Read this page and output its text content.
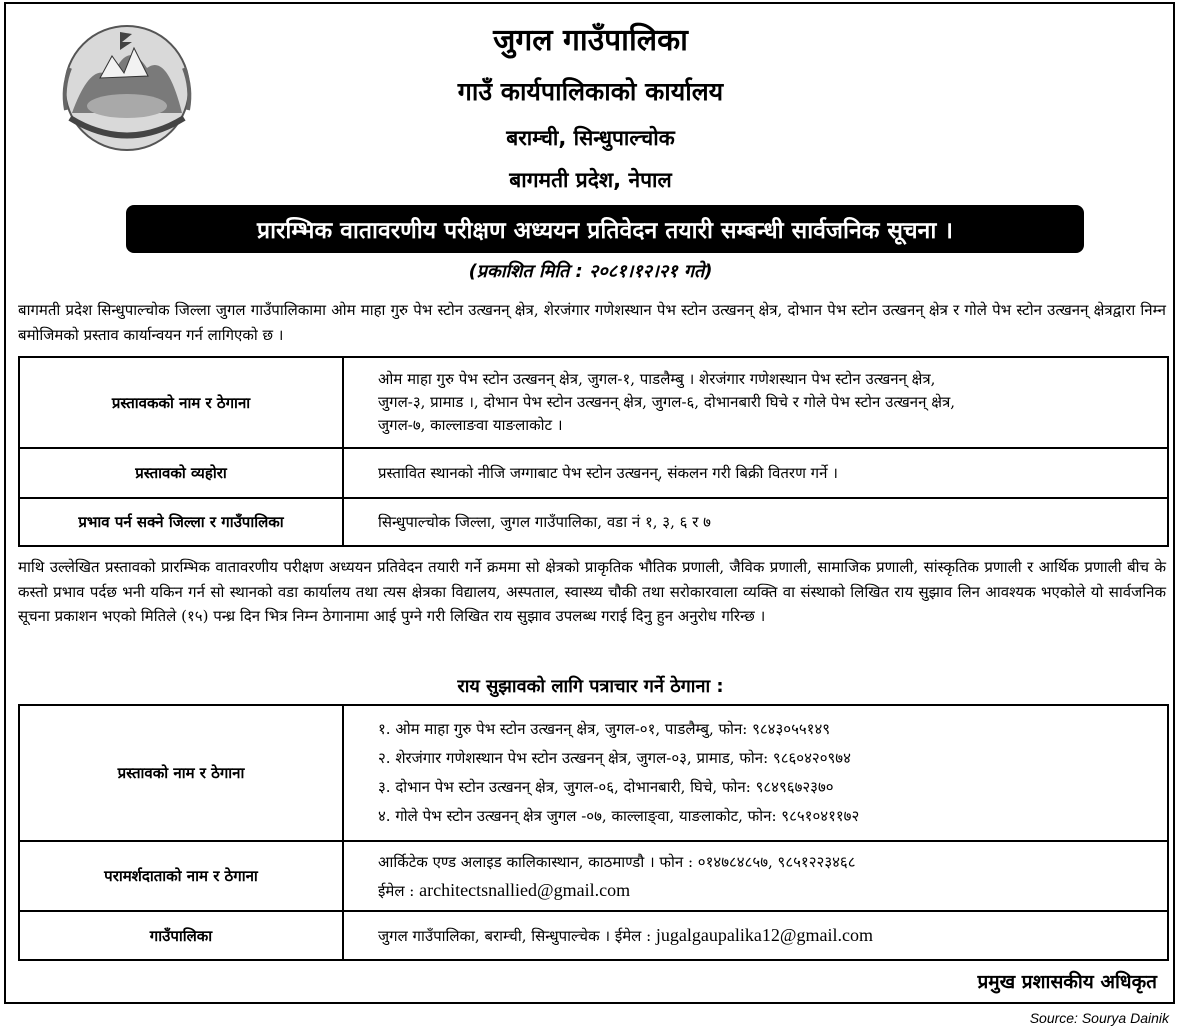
जुगल गाउँपालिका
गाउँ कार्यपालिकाको कार्यालय
बराम्ची, सिन्धुपाल्चोक
बागमती प्रदेश, नेपाल
प्रारम्भिक वातावरणीय परीक्षण अध्ययन प्रतिवेदन तयारी सम्बन्धी सार्वजनिक सूचना ।
(प्रकाशित मिति : २०८१।१२।२१ गते)
बागमती प्रदेश सिन्धुपाल्चोक जिल्ला जुगल गाउँपालिकामा ओम माहा गुरु पेभ स्टोन उत्खनन् क्षेत्र, शेरजंगार गणेशस्थान पेभ स्टोन उत्खनन् क्षेत्र, दोभान पेभ स्टोन उत्खनन् क्षेत्र र गोले पेभ स्टोन उत्खनन् क्षेत्रद्वारा निम्न बमोजिमको प्रस्ताव कार्यान्वयन गर्न लागिएको छ ।
प्रस्तावकको नाम र ठेगाना	ओम माहा गुरु पेभ स्टोन उत्खनन् क्षेत्र, जुगल-१, पाडलैम्बु । शेरजंगार गणेशस्थान पेभ स्टोन उत्खनन् क्षेत्र,
जुगल-३, प्रामाड ।, दोभान पेभ स्टोन उत्खनन् क्षेत्र, जुगल-६, दोभानबारी घिचे र गोले पेभ स्टोन उत्खनन् क्षेत्र,
जुगल-७, काल्लाङवा याङलाकोट ।

प्रस्तावको व्यहोरा	प्रस्तावित स्थानको नीजि जग्गाबाट पेभ स्टोन उत्खनन्, संकलन गरी बिक्री वितरण गर्ने ।
प्रभाव पर्न सक्ने जिल्ला र गाउँपालिका	सिन्धुपाल्चोक जिल्ला, जुगल गाउँपालिका, वडा नं १, ३, ६ र ७
माथि उल्लेखित प्रस्तावको प्रारम्भिक वातावरणीय परीक्षण अध्ययन प्रतिवेदन तयारी गर्ने क्रममा सो क्षेत्रको प्राकृतिक भौतिक प्रणाली, जैविक प्रणाली, सामाजिक प्रणाली, सांस्कृतिक प्रणाली र आर्थिक प्रणाली बीच के कस्तो प्रभाव पर्दछ भनी यकिन गर्न सो स्थानको वडा कार्यालय तथा त्यस क्षेत्रका विद्यालय, अस्पताल, स्वास्थ्य चौकी तथा सरोकारवाला व्यक्ति वा संस्थाको लिखित राय सुझाव लिन आवश्यक भएकोले यो सार्वजनिक सूचना प्रकाशन भएको मितिले (१५) पन्ध्र दिन भित्र निम्न ठेगानामा आई पुग्ने गरी लिखित राय सुझाव उपलब्ध गराई दिनु हुन अनुरोध गरिन्छ ।
राय सुझावको लागि पत्राचार गर्ने ठेगाना :
प्रस्तावको नाम र ठेगाना	१. ओम माहा गुरु पेभ स्टोन उत्खनन् क्षेत्र, जुगल-०१, पाडलैम्बु, फोन: ९८४३०५५१४९
२. शेरजंगार गणेशस्थान पेभ स्टोन उत्खनन् क्षेत्र, जुगल-०३, प्रामाड, फोन: ९८६०४२०९७४
३. दोभान पेभ स्टोन उत्खनन् क्षेत्र, जुगल-०६, दोभानबारी, घिचे, फोन: ९८४९६७२३७०
४. गोले पेभ स्टोन उत्खनन् क्षेत्र जुगल -०७, काल्लाङ्वा, याङलाकोट, फोन: ९८५१०४११७२

परामर्शदाताको नाम र ठेगाना	आर्किटेक एण्ड अलाइड कालिकास्थान, काठमाण्डौ । फोन : ०१४७८४८५७, ९८५१२२३४६८
ईमेल : architectsnallied@gmail.com

गाउँपालिका	जुगल गाउँपालिका, बराम्ची, सिन्धुपाल्चेक । ईमेल : jugalgaupalika12@gmail.com
प्रमुख प्रशासकीय अधिकृत
Source: Sourya Dainik
